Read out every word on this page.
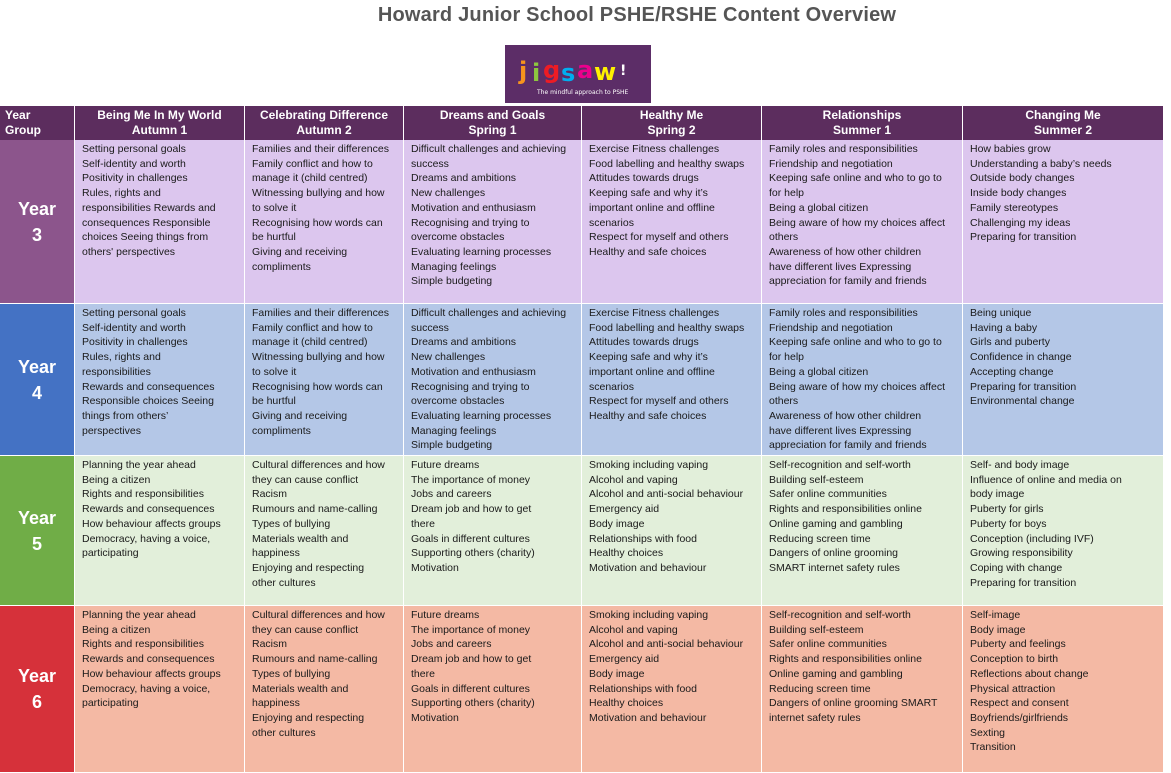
Howard Junior School PSHE/RSHE Content Overview
j i g s a w !
The mindful approach to PSHE
Year
Group
Being Me In My World
Autumn 1
Celebrating Difference
Autumn 2
Dreams and Goals
Spring 1
Healthy Me
Spring 2
Relationships
Summer 1
Changing Me
Summer 2
Year
3
Setting personal goals
Self-identity and worth
Positivity in challenges
Rules, rights and
responsibilities Rewards and
consequences Responsible
choices Seeing things from
others' perspectives
Families and their differences
Family conflict and how to
manage it (child centred)
Witnessing bullying and how
to solve it
Recognising how words can
be hurtful
Giving and receiving
compliments
Difficult challenges and achieving
success
Dreams and ambitions
New challenges
Motivation and enthusiasm
Recognising and trying to
overcome obstacles
Evaluating learning processes
Managing feelings
Simple budgeting
Exercise Fitness challenges
Food labelling and healthy swaps
Attitudes towards drugs
Keeping safe and why it’s
important online and offline
scenarios
Respect for myself and others
Healthy and safe choices
Family roles and responsibilities
Friendship and negotiation
Keeping safe online and who to go to
for help
Being a global citizen
Being aware of how my choices affect
others
Awareness of how other children
have different lives Expressing
appreciation for family and friends
How babies grow
Understanding a baby’s needs
Outside body changes
Inside body changes
Family stereotypes
Challenging my ideas
Preparing for transition
Year
4
Setting personal goals
Self-identity and worth
Positivity in challenges
Rules, rights and
responsibilities
Rewards and consequences
Responsible choices Seeing
things from others’
perspectives
Families and their differences
Family conflict and how to
manage it (child centred)
Witnessing bullying and how
to solve it
Recognising how words can
be hurtful
Giving and receiving
compliments
Difficult challenges and achieving
success
Dreams and ambitions
New challenges
Motivation and enthusiasm
Recognising and trying to
overcome obstacles
Evaluating learning processes
Managing feelings
Simple budgeting
Exercise Fitness challenges
Food labelling and healthy swaps
Attitudes towards drugs
Keeping safe and why it’s
important online and offline
scenarios
Respect for myself and others
Healthy and safe choices
Family roles and responsibilities
Friendship and negotiation
Keeping safe online and who to go to
for help
Being a global citizen
Being aware of how my choices affect
others
Awareness of how other children
have different lives Expressing
appreciation for family and friends
Being unique
Having a baby
Girls and puberty
Confidence in change
Accepting change
Preparing for transition
Environmental change
Year
5
Planning the year ahead
Being a citizen
Rights and responsibilities
Rewards and consequences
How behaviour affects groups
Democracy, having a voice,
participating
Cultural differences and how
they can cause conflict
Racism
Rumours and name-calling
Types of bullying
Materials wealth and
happiness
Enjoying and respecting
other cultures
Future dreams
The importance of money
Jobs and careers
Dream job and how to get
there
Goals in different cultures
Supporting others (charity)
Motivation
Smoking including vaping
Alcohol and vaping
Alcohol and anti-social behaviour
Emergency aid
Body image
Relationships with food
Healthy choices
Motivation and behaviour
Self-recognition and self-worth
Building self-esteem
Safer online communities
Rights and responsibilities online
Online gaming and gambling
Reducing screen time
Dangers of online grooming
SMART internet safety rules
Self- and body image
Influence of online and media on
body image
Puberty for girls
Puberty for boys
Conception (including IVF)
Growing responsibility
Coping with change
Preparing for transition
Year
6
Planning the year ahead
Being a citizen
Rights and responsibilities
Rewards and consequences
How behaviour affects groups
Democracy, having a voice,
participating
Cultural differences and how
they can cause conflict
Racism
Rumours and name-calling
Types of bullying
Materials wealth and
happiness
Enjoying and respecting
other cultures
Future dreams
The importance of money
Jobs and careers
Dream job and how to get
there
Goals in different cultures
Supporting others (charity)
Motivation
Smoking including vaping
Alcohol and vaping
Alcohol and anti-social behaviour
Emergency aid
Body image
Relationships with food
Healthy choices
Motivation and behaviour
Self-recognition and self-worth
Building self-esteem
Safer online communities
Rights and responsibilities online
Online gaming and gambling
Reducing screen time
Dangers of online grooming SMART
internet safety rules
Self-image
Body image
Puberty and feelings
Conception to birth
Reflections about change
Physical attraction
Respect and consent
Boyfriends/girlfriends
Sexting
Transition
